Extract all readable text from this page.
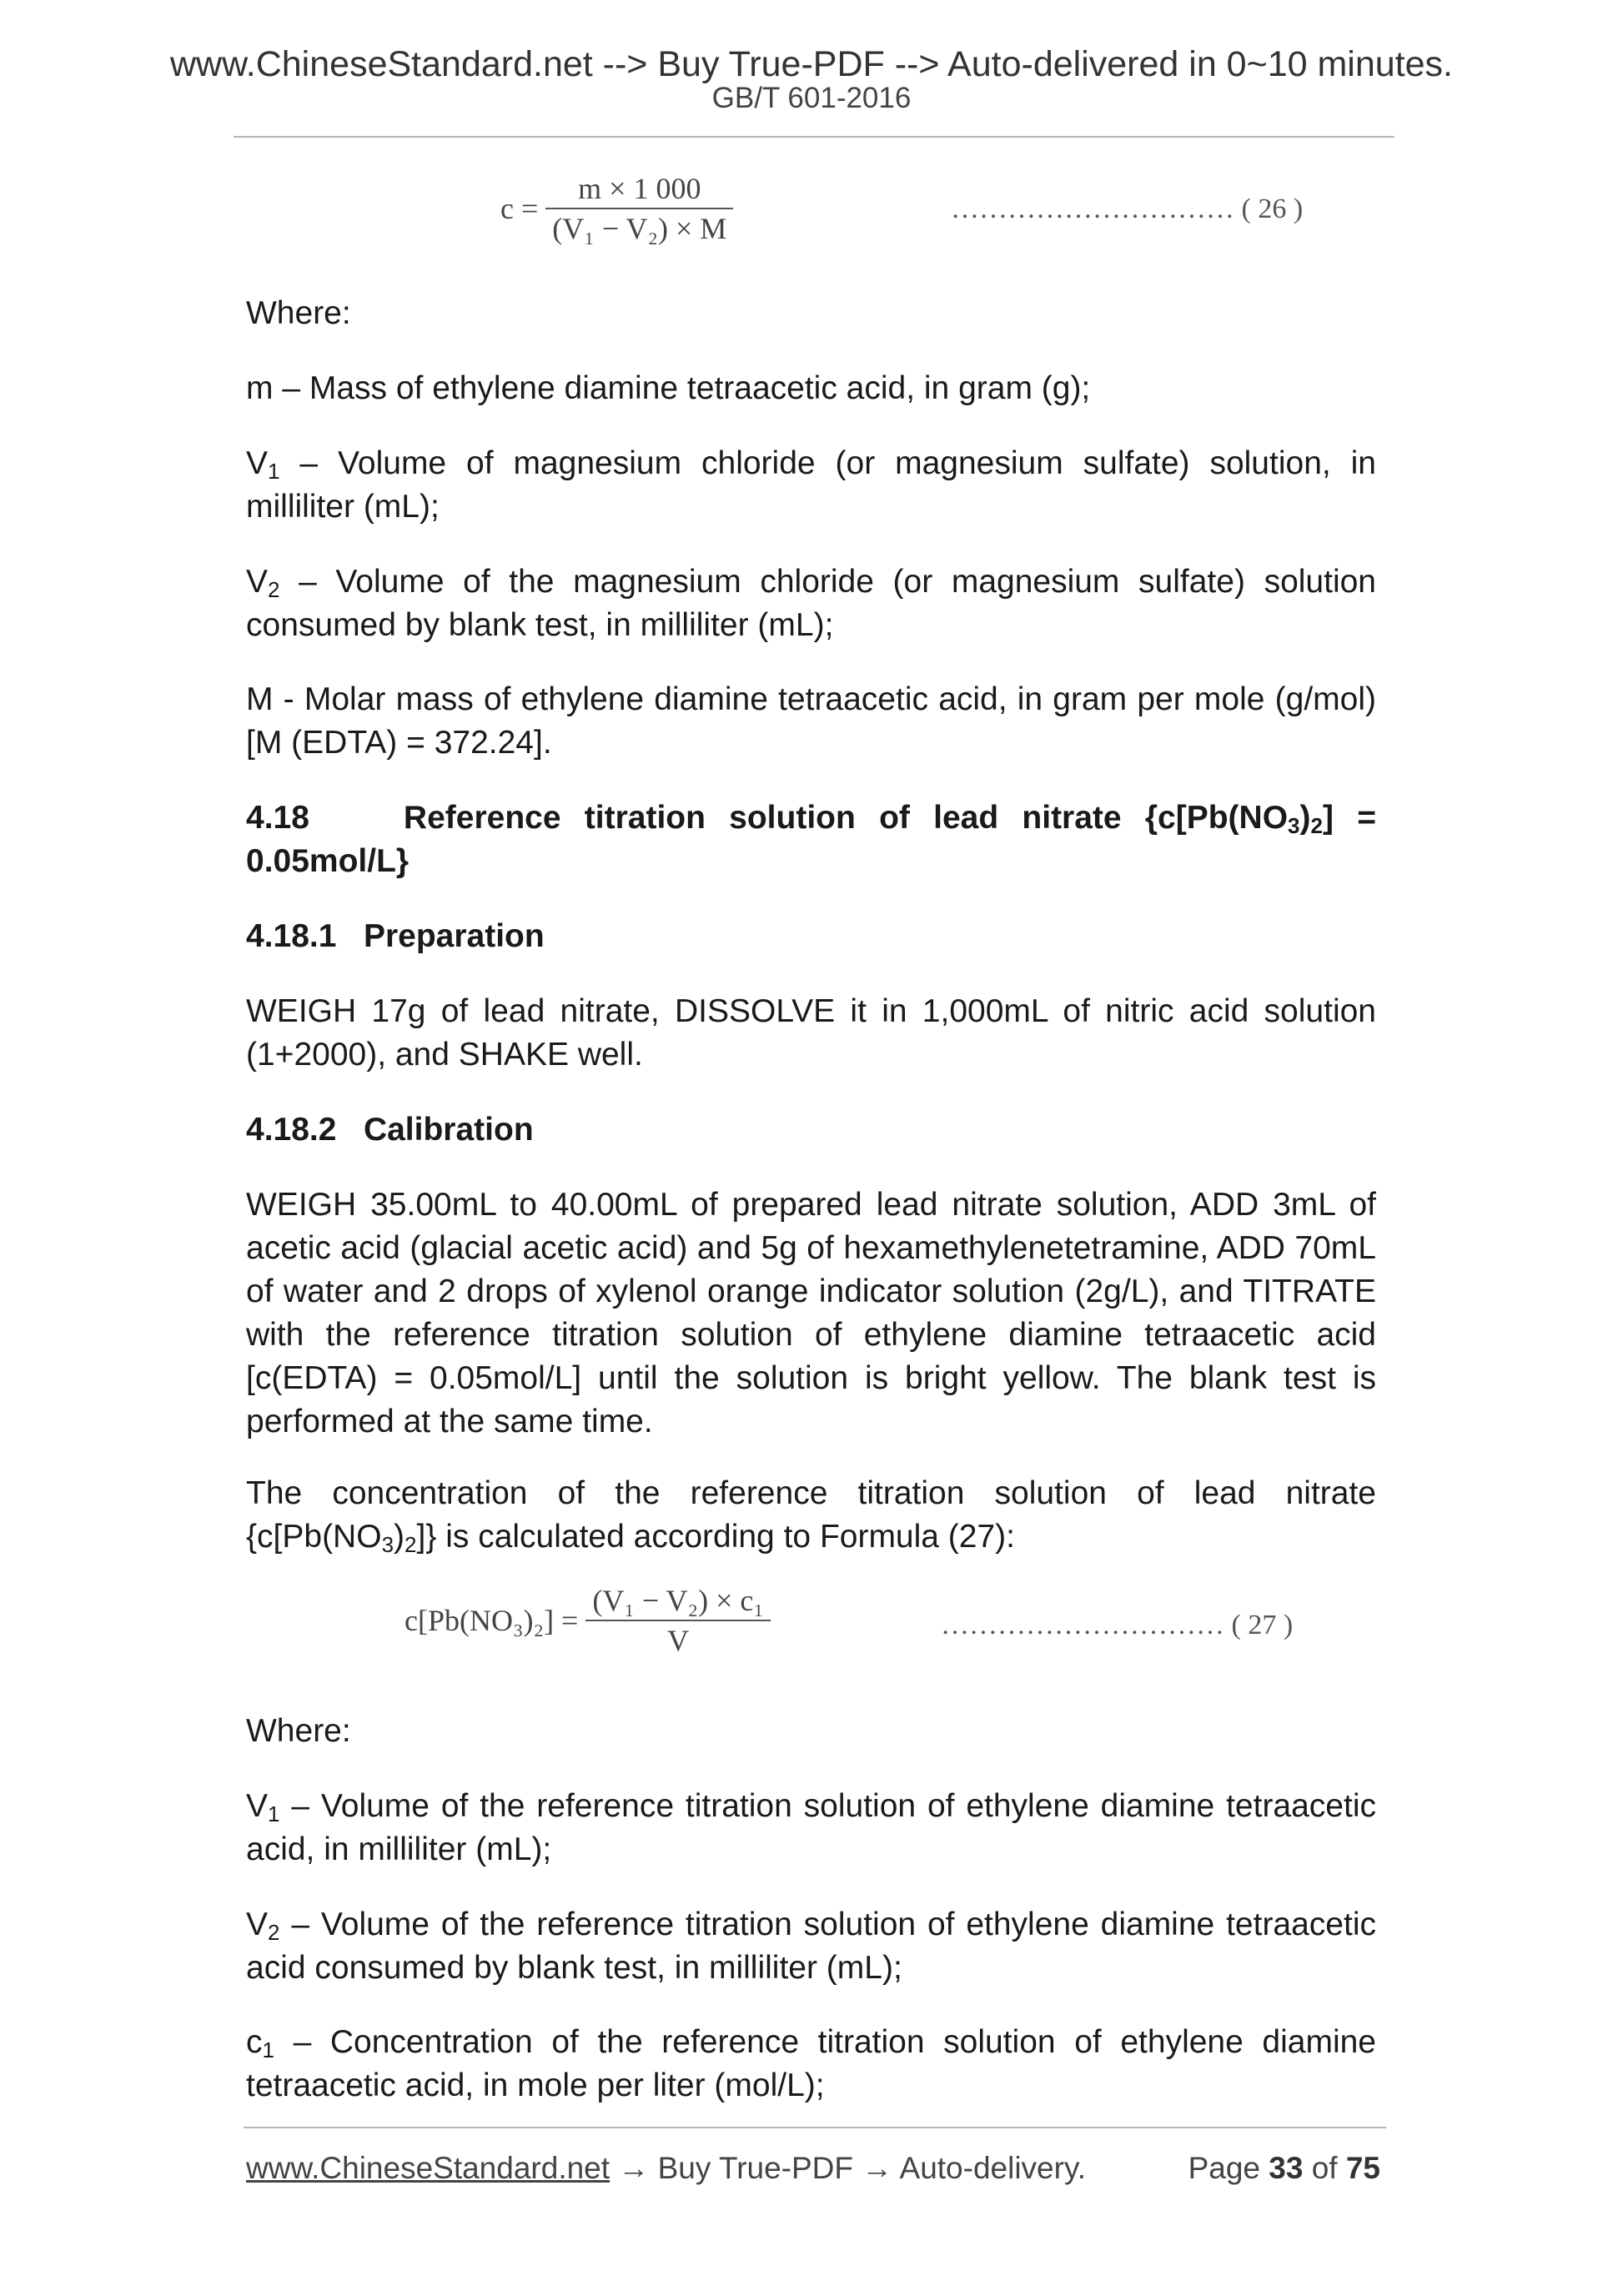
www.ChineseStandard.net --> Buy True-PDF --> Auto-delivered in 0~10 minutes.
GB/T 601-2016
$c = \frac{m \times 1 000}{\text{(V₁ − V₂) × M}}$	………………………… ( 26 )

Where:

m – Mass of ethylene diamine tetraacetic acid, in gram (g);

$V_1$ – Volume of magnesium chloride (or magnesium sulfate) solution, in milliliter (mL);

$V_2$ – Volume of the magnesium chloride (or magnesium sulfate) solution consumed by blank test, in milliliter (mL);

M - Molar mass of ethylene diamine tetraacetic acid, in gram per mole (g/mol) [M (EDTA) = 372.24].

4.18	Reference titration solution of lead nitrate $\{c[Pb(NO_3)_2] = 0.05mol/L\}$

4.18.1 Preparation

WEIGH 17g of lead nitrate, DISSOLVE it in 1,000mL of nitric acid solution (1+2000), and SHAKE well.

4.18.2 Calibration

WEIGH 35.00mL to 40.00mL of prepared lead nitrate solution, ADD 3mL of acetic acid (glacial acetic acid) and 5g of hexamethylenetetramine, ADD 70mL of water and 2 drops of xylenol orange indicator solution (2g/L), and TITRATE with the reference titration solution of ethylene diamine tetraacetic acid [c(EDTA) = 0.05mol/L] until the solution is bright yellow. The blank test is performed at the same time.

The concentration of the reference titration solution of lead nitrate $\{c[Pb(NO_3)_2]\}$ is calculated according to Formula (27):

Where:

$V_1$ – Volume of the reference titration solution of ethylene diamine tetraacetic acid, in milliliter (mL);

$V_2$ – Volume of the reference titration solution of ethylene diamine tetraacetic acid consumed by blank test, in milliliter (mL);

$c_1$ – Concentration of the reference titration solution of ethylene diamine tetraacetic acid, in mole per liter (mol/L);

$c[Pb(NO_3)_2] = \frac{\text{(V₁ − V₂) × c₁}}{V}$	………………………… ( 27 )
www.ChineseStandard.net → Buy True-PDF → Auto-delivery.	Page 33 of 75
